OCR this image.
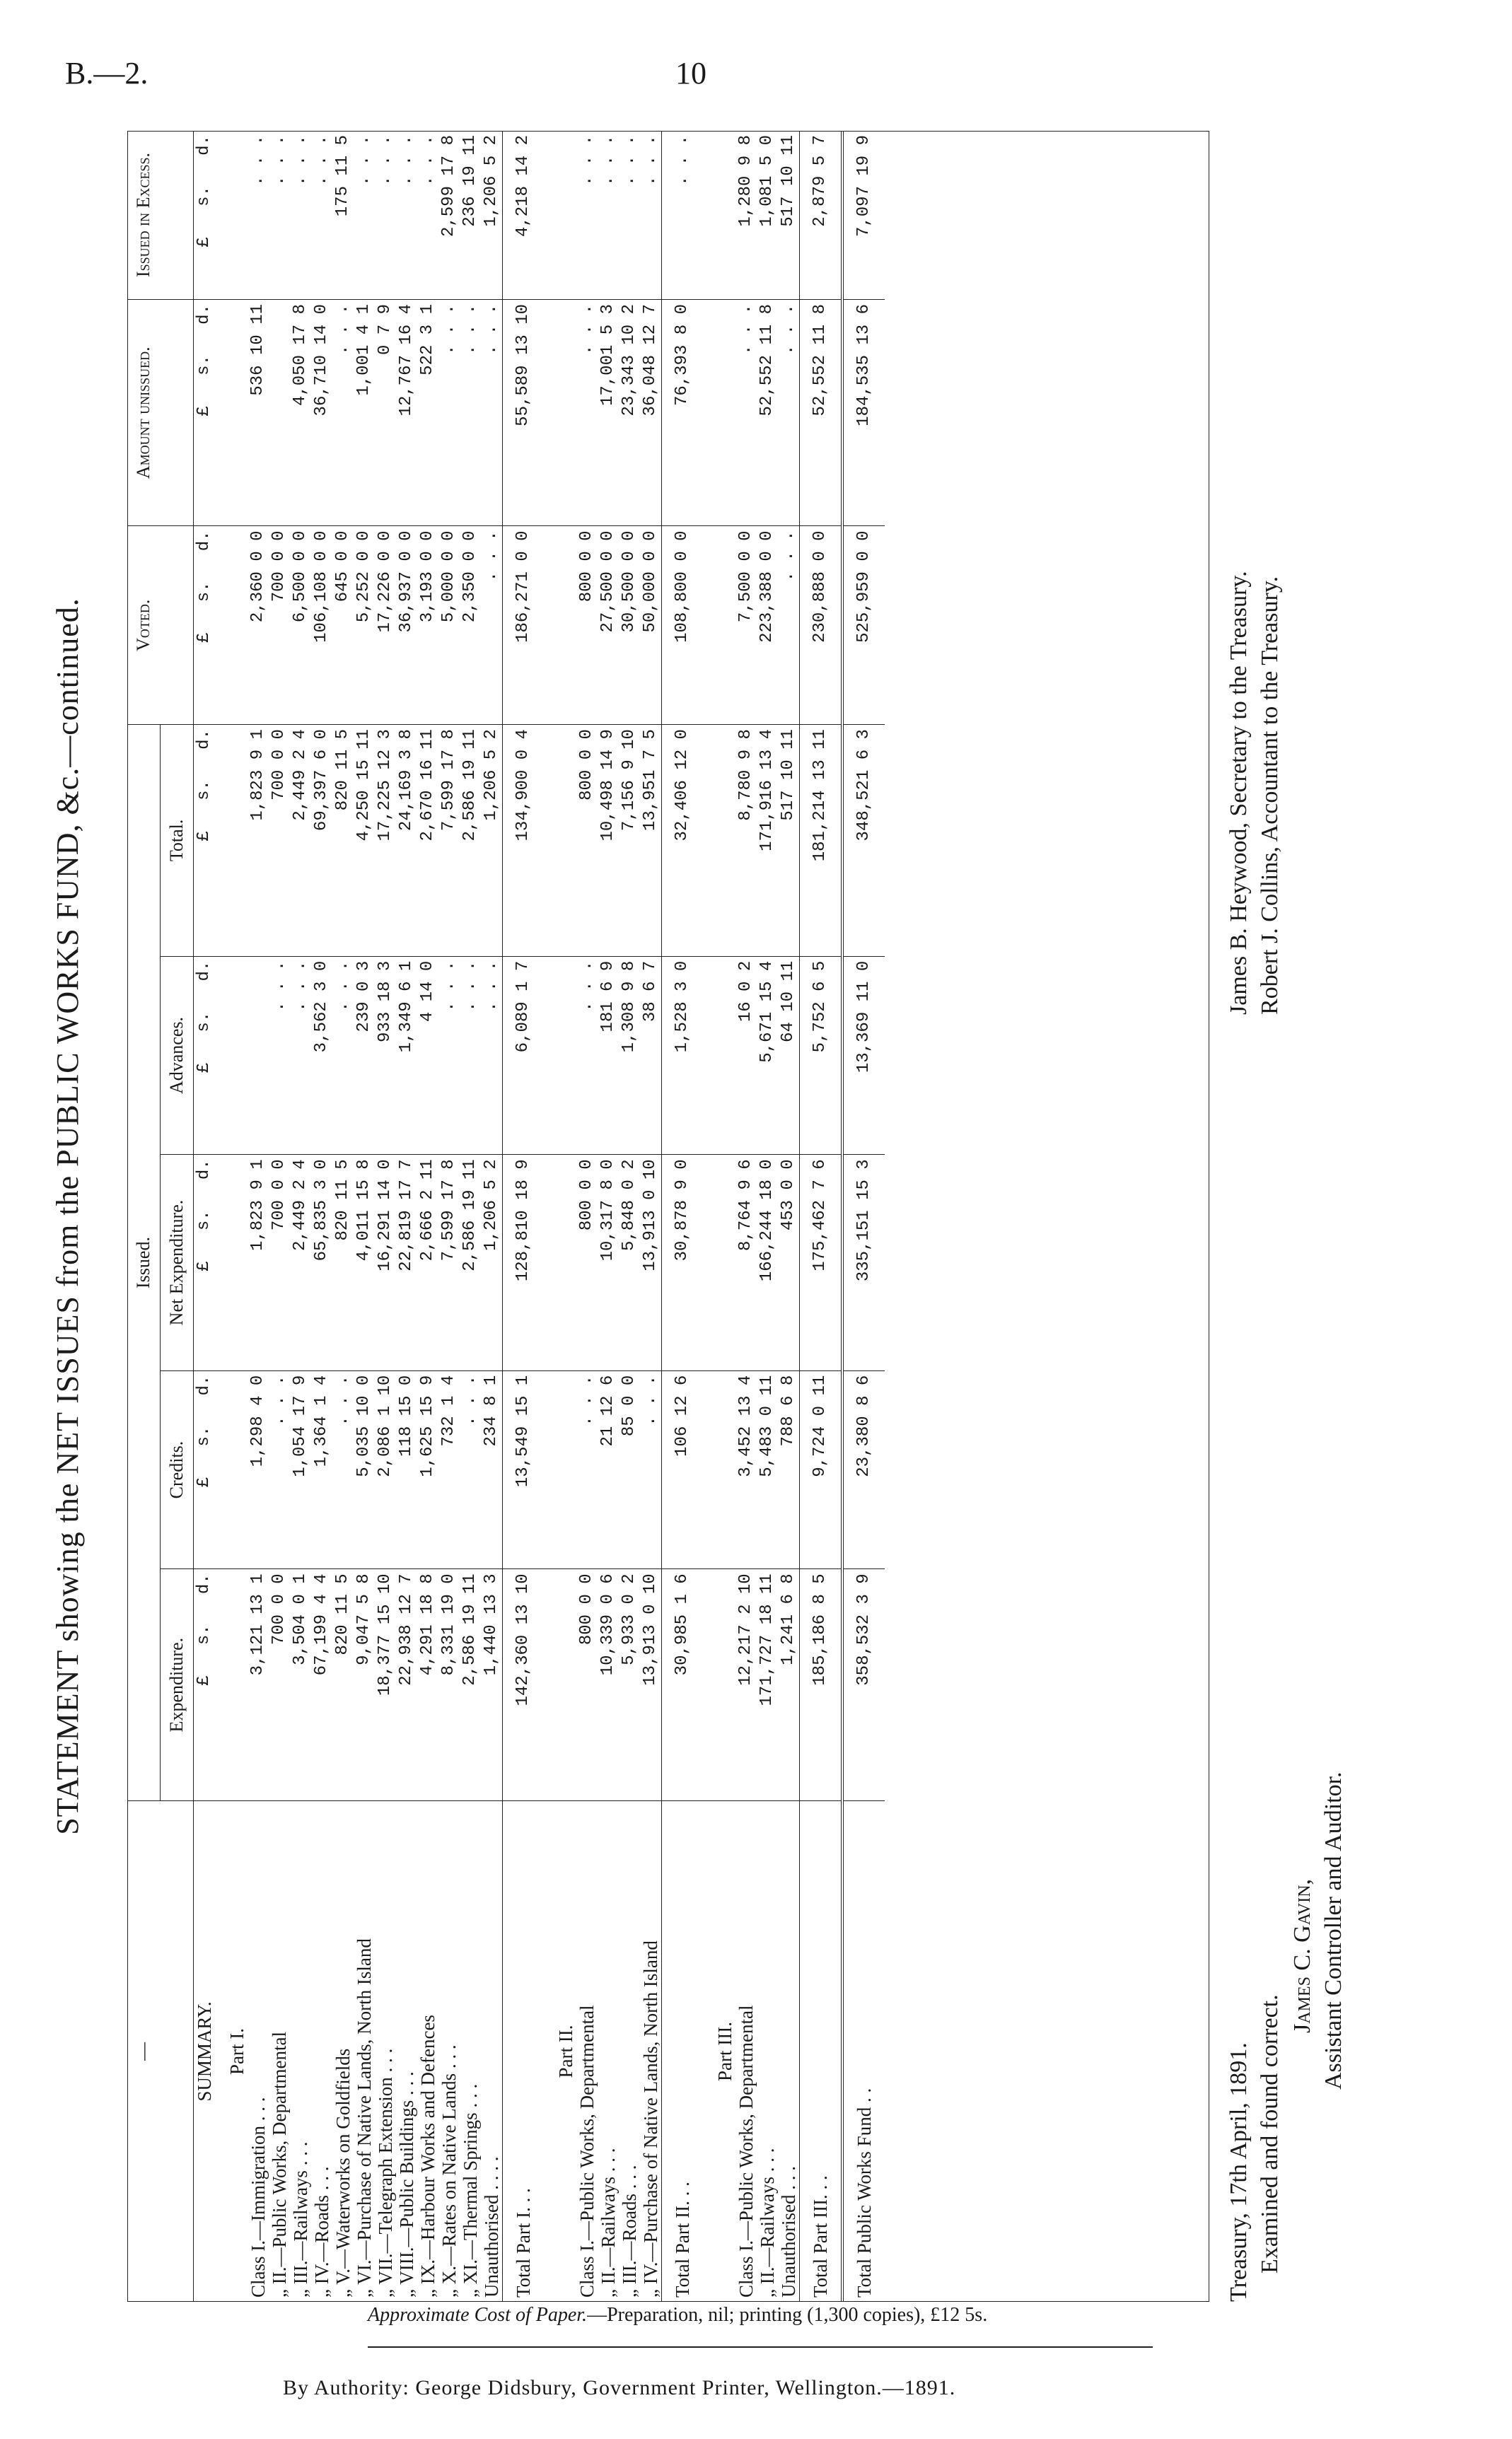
B.—2.	10
STATEMENT showing the NET ISSUES from the PUBLIC WORKS FUND, &c.—continued.
—	Issued.					Voted.	Amount unissued.	Issued in Excess.
	Expenditure.	Credits.	Net Expenditure.	Advances.	Total.			
SUMMARY.	£   s.   d.	£   s.   d.	£   s.   d.	£   s.   d.	£   s.   d.	£   s.   d.	£   s.   d.	£   s.   d.
Part I.								
Class I.—Immigration . . .	3,121 13 1	1,298 4 0	1,823 9 1		1,823 9 1	2,360 0 0	536 10 11	. . .
„ II.—Public Works, Departmental	700 0 0	. . .	700 0 0	. . .	700 0 0	700 0 0		. . .
„ III.—Railways . . .	3,504 0 1	1,054 17 9	2,449 2 4	. . .	2,449 2 4	6,500 0 0	4,050 17 8	. . .
„ IV.—Roads . . .	67,199 4 4	1,364 1 4	65,835 3 0	3,562 3 0	69,397 6 0	106,108 0 0	36,710 14 0	. . .
„ V.—Waterworks on Goldfields	820 11 5	. . .	820 11 5	. . .	820 11 5	645 0 0	. . .	175 11 5
„ VI.—Purchase of Native Lands, North Island	9,047 5 8	5,035 10 0	4,011 15 8	239 0 3	4,250 15 11	5,252 0 0	1,001 4 1	. . .
„ VII.—Telegraph Extension . . .	18,377 15 10	2,086 1 10	16,291 14 0	933 18 3	17,225 12 3	17,226 0 0	0 7 9	. . .
„ VIII.—Public Buildings . . .	22,938 12 7	118 15 0	22,819 17 7	1,349 6 1	24,169 3 8	36,937 0 0	12,767 16 4	. . .
„ IX.—Harbour Works and Defences	4,291 18 8	1,625 15 9	2,666 2 11	4 14 0	2,670 16 11	3,193 0 0	522 3 1	. . .
„ X.—Rates on Native Lands . . .	8,331 19 0	732 1 4	7,599 17 8	. . .	7,599 17 8	5,000 0 0	. . .	2,599 17 8
„ XI.—Thermal Springs . . .	2,586 19 11	. . .	2,586 19 11	. . .	2,586 19 11	2,350 0 0	. . .	236 19 11
Unauthorised . . . .	1,440 13 3	234 8 1	1,206 5 2	. . .	1,206 5 2	. . .	. . .	1,206 5 2
Total Part I. . .	142,360 13 10	13,549 15 1	128,810 18 9	6,089 1 7	134,900 0 4	186,271 0 0	55,589 13 10	4,218 14 2
Part II.								
Class I.—Public Works, Departmental	800 0 0	. . .	800 0 0	. . .	800 0 0	800 0 0	. . .	. . .
„ II.—Railways . . .	10,339 0 6	21 12 6	10,317 8 0	181 6 9	10,498 14 9	27,500 0 0	17,001 5 3	. . .
„ III.—Roads . . .	5,933 0 2	85 0 0	5,848 0 2	1,308 9 8	7,156 9 10	30,500 0 0	23,343 10 2	. . .
„ IV.—Purchase of Native Lands, North Island	13,913 0 10	. . .	13,913 0 10	38 6 7	13,951 7 5	50,000 0 0	36,048 12 7	. . .
Total Part II. . .	30,985 1 6	106 12 6	30,878 9 0	1,528 3 0	32,406 12 0	108,800 0 0	76,393 8 0	. . .
Part III.								
Class I.—Public Works, Departmental	12,217 2 10	3,452 13 4	8,764 9 6	16 0 2	8,780 9 8	7,500 0 0	. . .	1,280 9 8
„ II.—Railways . . .	171,727 18 11	5,483 0 11	166,244 18 0	5,671 15 4	171,916 13 4	223,388 0 0	52,552 11 8	1,081 5 0
Unauthorised . . .	1,241 6 8	788 6 8	453 0 0	64 10 11	517 10 11	. . .	. . .	517 10 11
Total Part III. . .	185,186 8 5	9,724 0 11	175,462 7 6	5,752 6 5	181,214 13 11	230,888 0 0	52,552 11 8	2,879 5 7
Total Public Works Fund . .	358,532 3 9	23,380 8 6	335,151 15 3	13,369 11 0	348,521 6 3	525,959 0 0	184,535 13 6	7,097 19 9
Treasury, 17th April, 1891. Examined and found correct.
James C. Gavin, Assistant Controller and Auditor.
James B. Heywood, Secretary to the Treasury. Robert J. Collins, Accountant to the Treasury.
Approximate Cost of Paper.—Preparation, nil; printing (1,300 copies), £12 5s.
By Authority: George Didsbury, Government Printer, Wellington.—1891.
